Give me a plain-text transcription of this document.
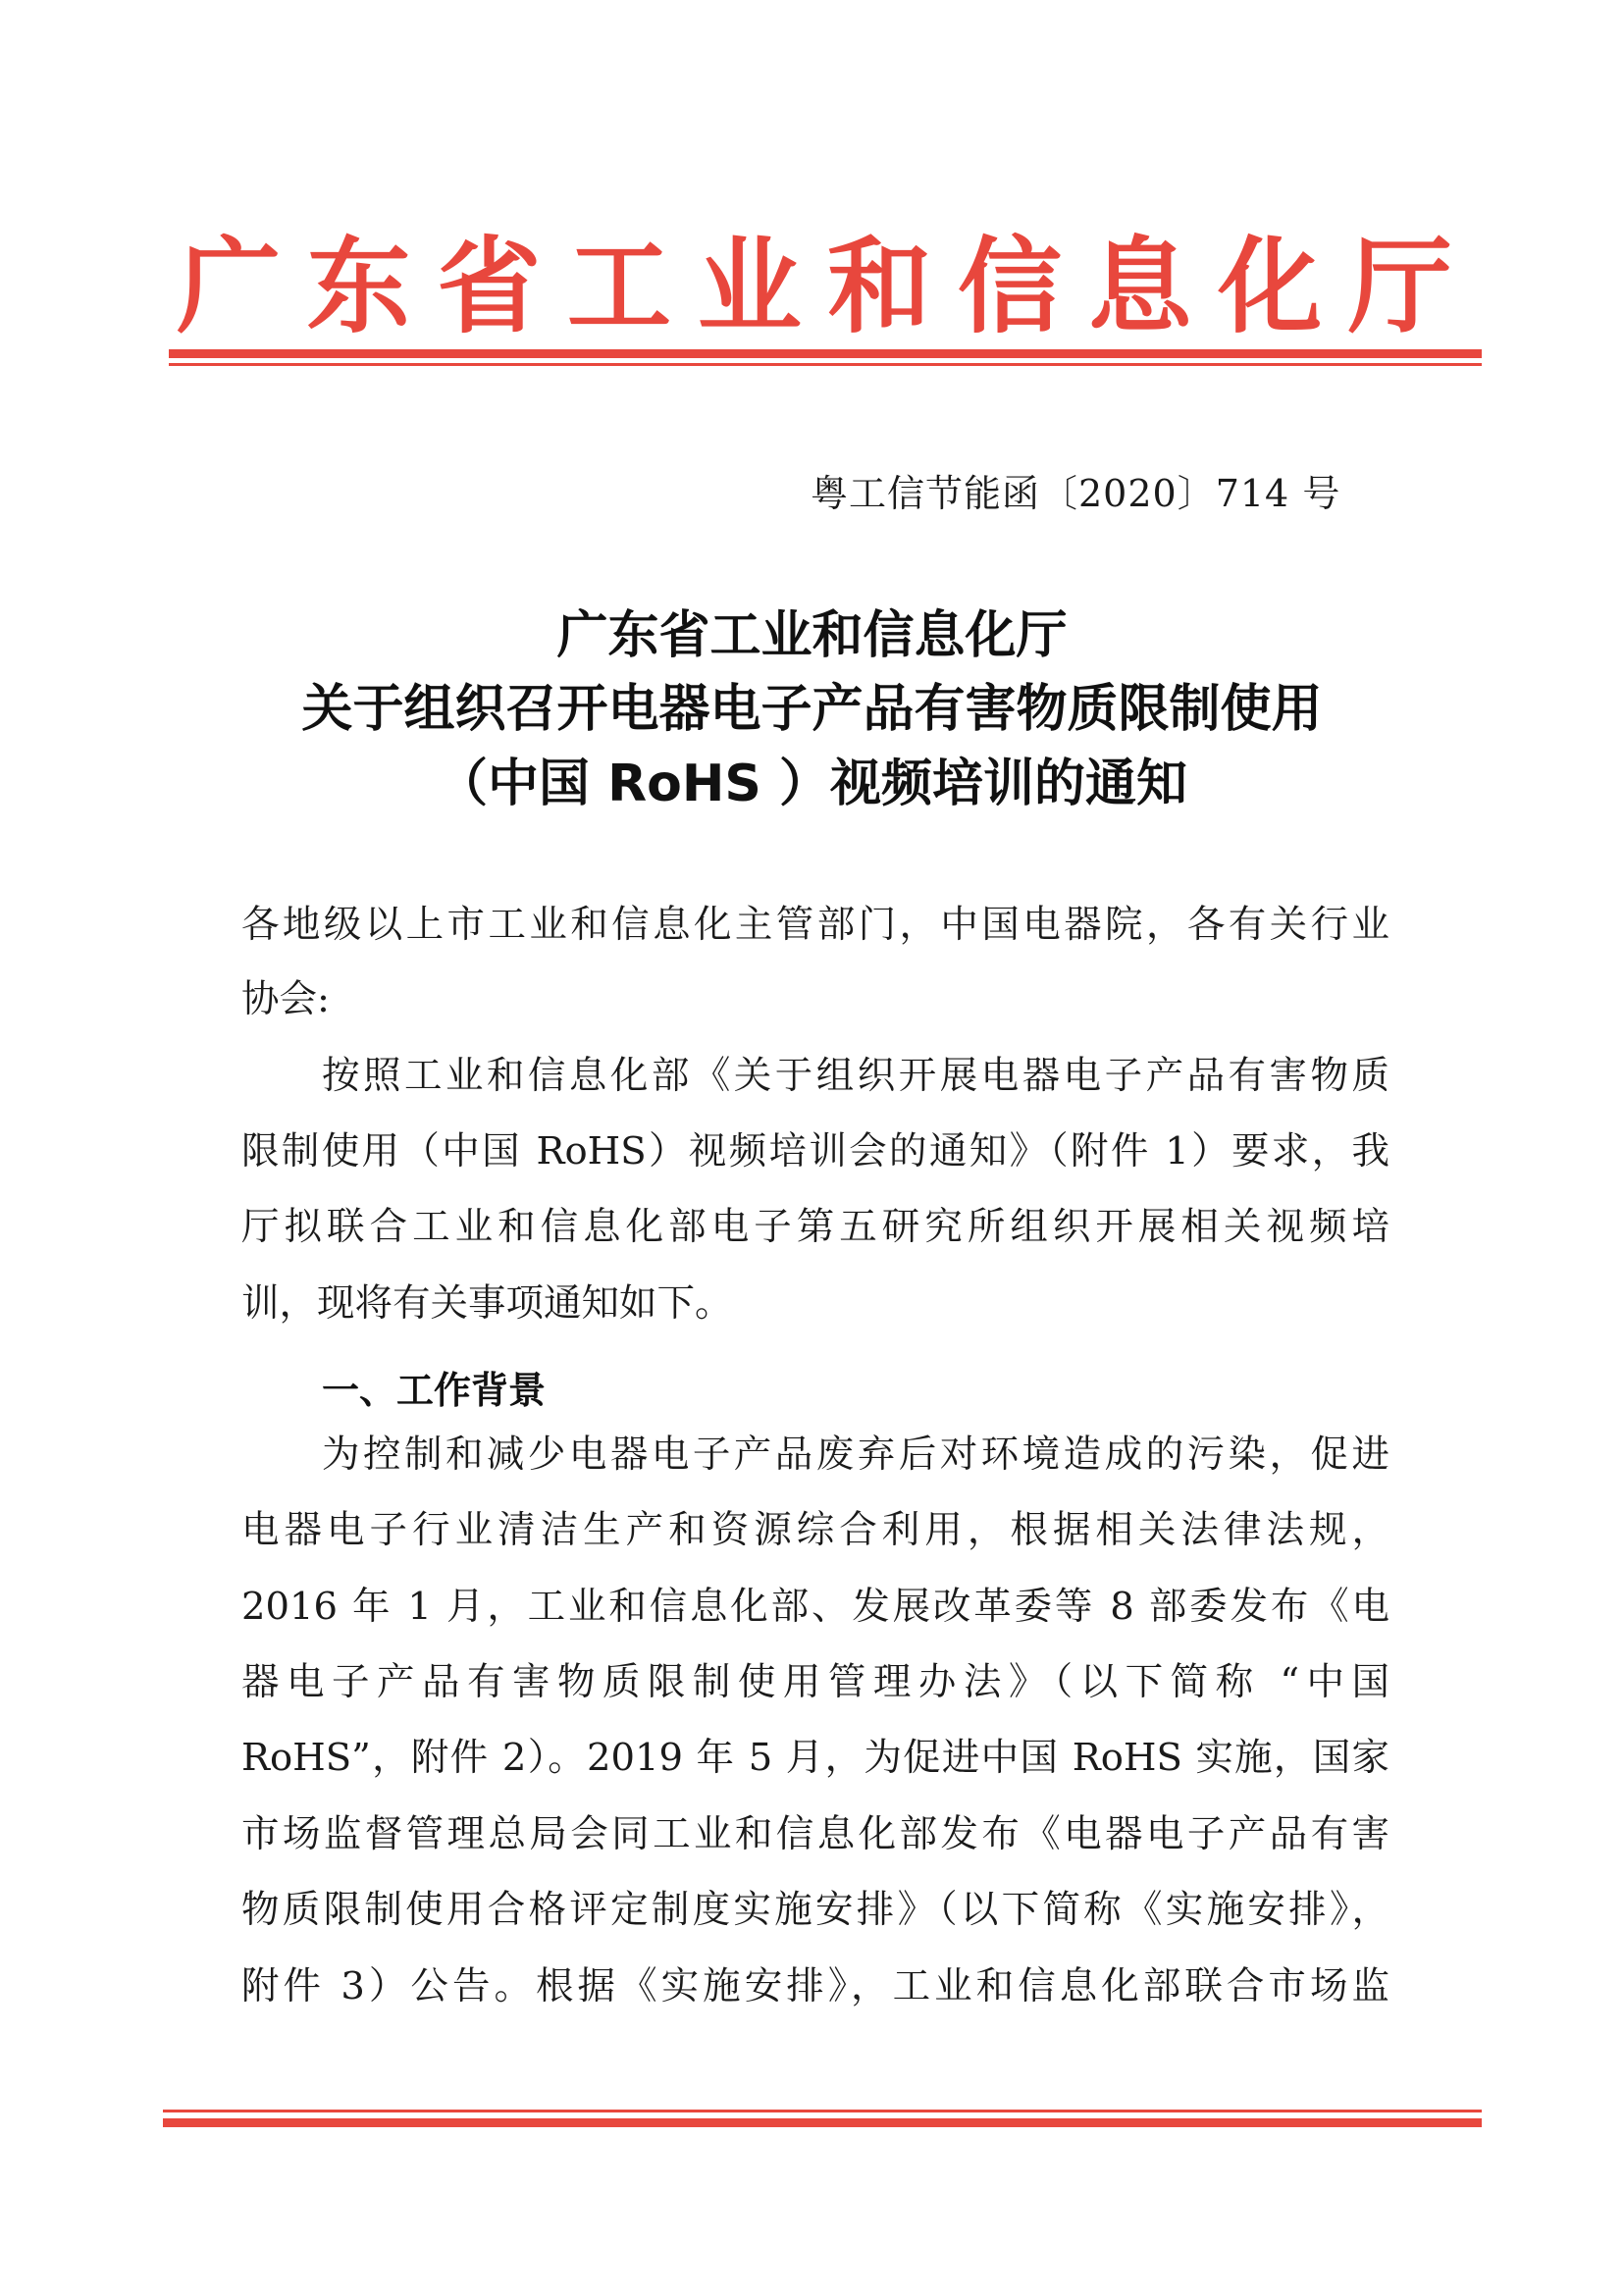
广 东 省 工 业 和 信 息 化 厅
粤工信节能函〔2020〕714 号
广东省工业和信息化厅
关于组织召开电器电子产品有害物质限制使用
（中国 RoHS ）视频培训的通知
各地级以上市工业和信息化主管部门，中国电器院，各有关行业
协会:
按照工业和信息化部《关于组织开展电器电子产品有害物质
限制使用（中国 RoHS）视频培训会的通知》（附件 1）要求，我
厅拟联合工业和信息化部电子第五研究所组织开展相关视频培
训，现将有关事项通知如下。
一、工作背景
为控制和减少电器电子产品废弃后对环境造成的污染，促进
电器电子行业清洁生产和资源综合利用，根据相关法律法规，
2016 年 1 月，工业和信息化部、发展改革委等 8 部委发布《电
器电子产品有害物质限制使用管理办法》（以下简称 “中国
RoHS”，附件 2）。2019 年 5 月，为促进中国 RoHS 实施，国家
市场监督管理总局会同工业和信息化部发布《电器电子产品有害
物质限制使用合格评定制度实施安排》（以下简称《实施安排》，
附件 3）公告。根据《实施安排》，工业和信息化部联合市场监
